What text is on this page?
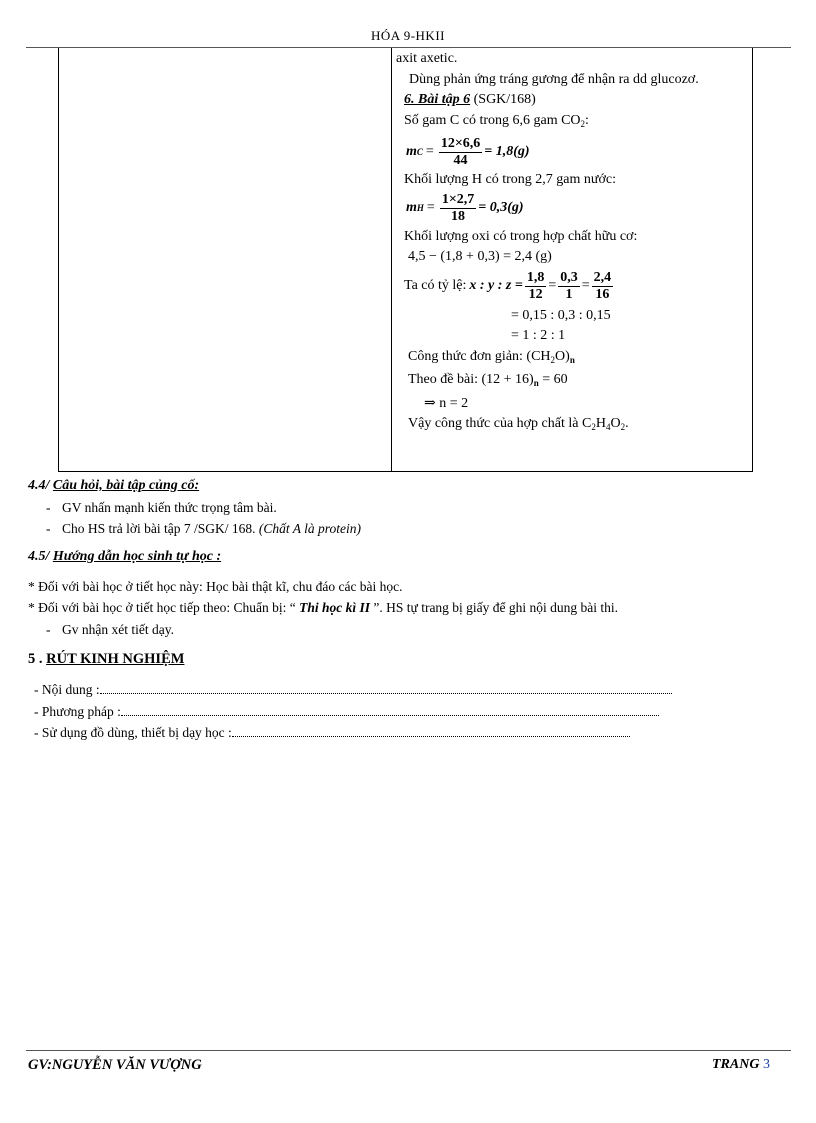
HÓA 9-HKII

axit axetic.

Dùng phản ứng tráng gương để nhận ra dd glucozơ.

6. Bài tập 6 (SGK/168)

Số gam C có trong 6,6 gam $CO_2$:

m $C = \frac{12\times 6,6}{44} = 1,8(g)$

Khối lượng H có trong 2,7 gam nước:

m $H = \frac{1\times 2,7}{18} = 0,3(g)$

Khối lượng oxi có trong hợp chất hữu cơ:

4,5 − (1,8 + 0,3) = 2,4 (g)

Ta có tỷ lệ: x : y : $z = \frac{1,8}{12} = \frac{0,3}{1} = \frac{2,4}{16}$

= 0,15 : 0,3 : 0,15

= 1 : 2 : 1

Công thức đơn giản: $(CH_2O)_n$

Theo đề bài: $(12 + 16)_n = 60$

⇒ n = 2

Vậy công thức của hợp chất là $C_2H_4O_2$.

4.4/ Câu hỏi, bài tập củng cố:
- GV nhấn mạnh kiến thức trọng tâm bài.
- Cho HS trả lời bài tập 7 /SGK/ 168. (Chất A là protein)
4.5/ Hướng dẫn học sinh tự học :
* Đối với bài học ở tiết học này: Học bài thật kĩ, chu đáo các bài học.
* Đối với bài học ở tiết học tiếp theo: Chuẩn bị: “ Thi học kì II ”. HS tự trang bị giấy để ghi nội dung bài thi.
- Gv nhận xét tiết dạy.
5 . RÚT KINH NGHIỆM
- Nội dung :
- Phương pháp :
- Sử dụng đồ dùng, thiết bị dạy học :
GV:NGUYỄN VĂN VƯỢNG	TRANG 3
